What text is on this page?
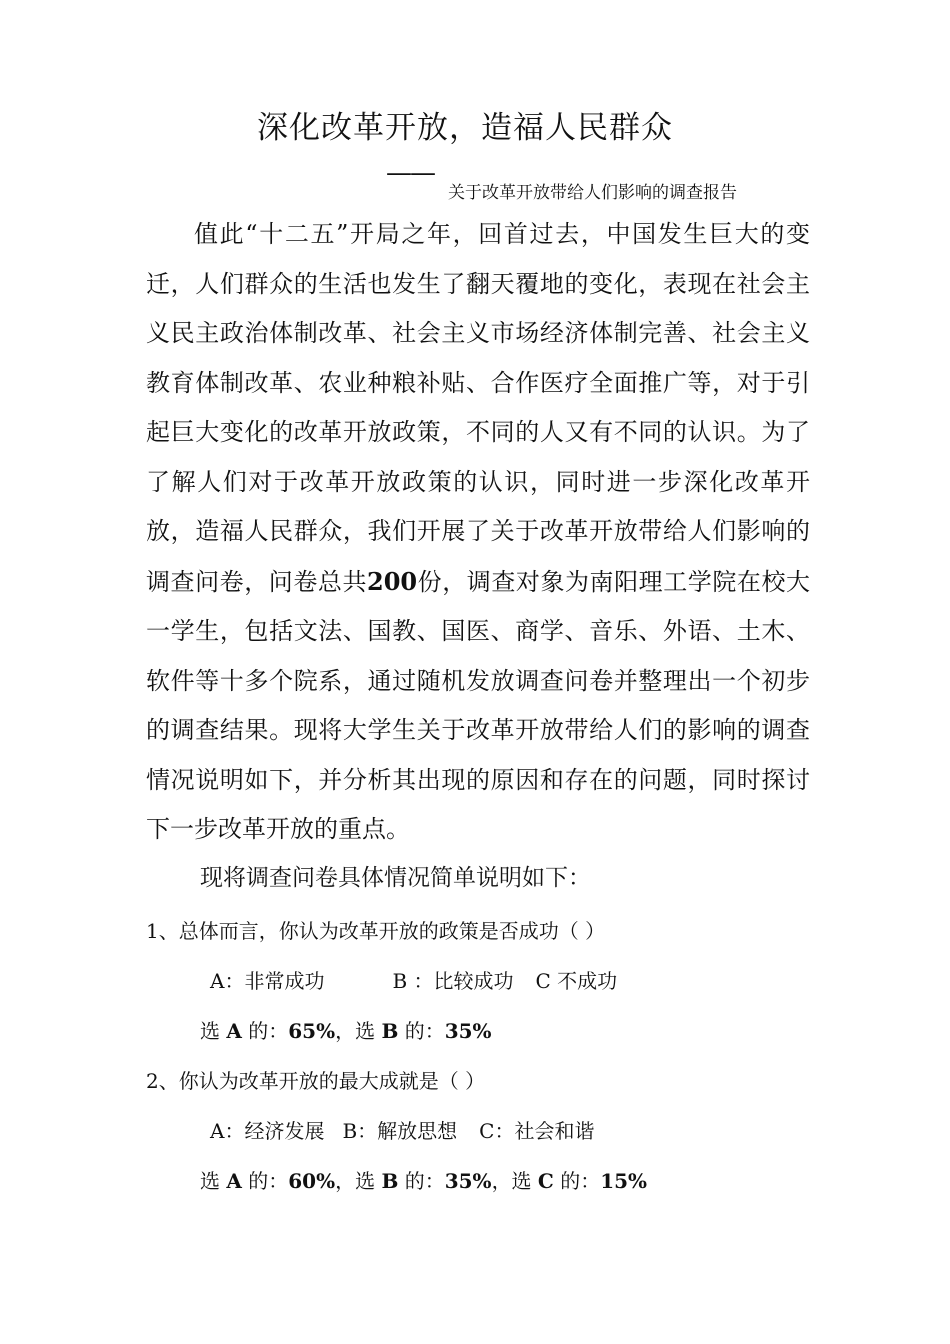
深化改革开放，造福人民群众
——
关于改革开放带给人们影响的调查报告

值此“十二五”开局之年，回首过去，中国发生巨大的变迁，人们群众的生活也发生了翻天覆地的变化，表现在社会主义民主政治体制改革、社会主义市场经济体制完善、社会主义教育体制改革、农业种粮补贴、合作医疗全面推广等，对于引起巨大变化的改革开放政策，不同的人又有不同的认识。为了了解人们对于改革开放政策的认识，同时进一步深化改革开放，造福人民群众，我们开展了关于改革开放带给人们影响的调查问卷，问卷总共200份，调查对象为南阳理工学院在校大一学生，包括文法、国教、国医、商学、音乐、外语、土木、软件等十多个院系，通过随机发放调查问卷并整理出一个初步的调查结果。现将大学生关于改革开放带给人们的影响的调查情况说明如下，并分析其出现的原因和存在的问题，同时探讨下一步改革开放的重点。

现将调查问卷具体情况简单说明如下：

1、总体而言，你认为改革开放的政策是否成功（ ）

A：非常成功	B ：比较成功 C 不成功

选 A 的：65%，选 B 的：35%

2、你认为改革开放的最大成就是（ ）

A：经济发展 B：解放思想 C：社会和谐

选 A 的：60%，选 B 的：35%，选 C 的：15%
